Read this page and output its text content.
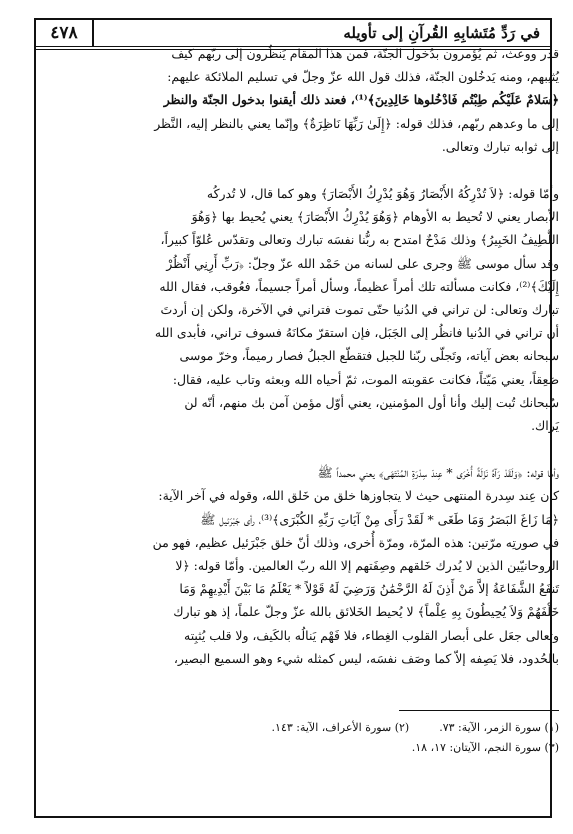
٤٧٨	في رَدِّ مُتَشابِهِ القُرآنِ إلى تأويله
قدر ووعث، ثم يُؤمرون بدُخول الجنّة، فمن هذا المقام يَنظُرون إلى ربّهم كيف
يُثيبهم، ومنه يَدخُلون الجنّة، فذلك قول الله عزّ وجلّ في تسليم الملائكة عليهم:
﴿سَلامٌ عَلَيْكُم طِبْتُم فَادْخُلوها خَالِدِينَ﴾⁽¹⁾، فعند ذلك أيقنوا بدخول الجنّة والنظر
إلى ما وعدهم ربّهم، فذلك قوله: ﴿إِلَىٰ رَبِّهَا نَاظِرَةٌ﴾ وإنّما يعني بالنظر إليه، النَّظر
إلى ثوابه تبارك وتعالى.
وأمّا قوله: ﴿لاَ تُدْرِكُهُ الأَبْصَارُ وَهُوَ يُدْرِكُ الأَبْصَارَ﴾ وهو كما قال، لا تُدركُه
الأبصار يعني لا تُحيط به الأوهام ﴿وَهُوَ يُدْرِكُ الأَبْصَارَ﴾ يعني يُحيط بها ﴿وَهُوَ
اللَّطِيفُ الخَبِيرُ﴾ وذلك مَدْحٌ امتدح به ربُّنا نفسَه تبارك وتعالى وتقدّس عُلوّاً كبيراً،
وقد سأل موسى ﷺ وجرى على لسانه من حَمْد الله عزّ وجلّ: ﴿رَبِّ أَرِنِي أَنْظُرْ
إِلَيْكَ﴾⁽²⁾، فكانت مسألته تلك أمراً عظيماً، وسأل أمراً جسيماً، فعُوقب، فقال الله
تبارك وتعالى: لن تراني في الدُنيا حتّى تموت فتراني في الآخرة، ولكن إن أردتَ
أن تراني في الدُنيا فانظُر إلى الجَبَل، فإن استقرّ مكانَهُ فسوف تراني، فأبدى الله
سبحانه بعض آياته، وتَجلّى ربّنا للجبل فتقطّع الجبلُ فصار رميماً، وخرّ موسى
صَعِقاً، يعني مَيّتاً، فكانت عقوبته الموت، ثمّ أحياه الله وبعثه وتاب عليه، فقال:
سُبحانك تُبت إليك وأنا أول المؤمنين، يعني أوّل مؤمن آمن بك منهم، أنّه لن
يَراك.
وأما قوله: ﴿وَلَقَدْ رَآهُ نَزْلَةً أُخْرَى * عِندَ سِدْرَةِ المُنْتَهَى﴾ يعني محمداً ﷺ
كان عِند سِدرة المنتهى حيث لا يتجاوزها خلق من خَلق الله، وقوله في آخر الآية:
﴿مَا زَاغَ البَصَرُ وَمَا طَغَى * لَقَدْ رَأَى مِنْ آيَاتِ رَبِّهِ الكُبْرَى﴾⁽³⁾، رأى جَبْرَئيل ﷺ
في صورتِه مرّتين: هذه المرّة، ومرّة أُخرى، وذلك أنّ خلق جَبْرَئيل عظيم، فهو من
الروحانيّين الذين لا يُدرك خَلقهم وصِفَتهم إلا الله ربّ العالمين. وأمّا قوله: ﴿لا
تَنفَعُ الشَّفَاعَةُ إلاَّ مَنْ أَذِنَ لَهُ الرَّحْمَٰنُ وَرَضِيَ لَهُ قَوْلاً * يَعْلَمُ مَا بَيْنَ أَيْدِيهِمْ وَمَا
خَلْفَهُمْ وَلاَ يُحِيطُونَ بِهِ عِلْماً﴾ لا يُحيط الخَلائق بالله عزّ وجلّ علماً، إذ هو تبارك
وتعالى جعَل على أبصار القلوب الغِطاء، فلا فَهْم يَنالُه بالكَيف، ولا قلب يُثبِته
بالحُدود، فلا يَصِفه إلاّ كما وصَف نفسَه، ليس كمثله شيء وهو السميع البصير،
(١) سورة الزمر، الآية: ٧٣.
(٢) سورة الأعراف، الآية: ١٤٣.
(٣) سورة النجم، الآيتان: ١٧، ١٨.
